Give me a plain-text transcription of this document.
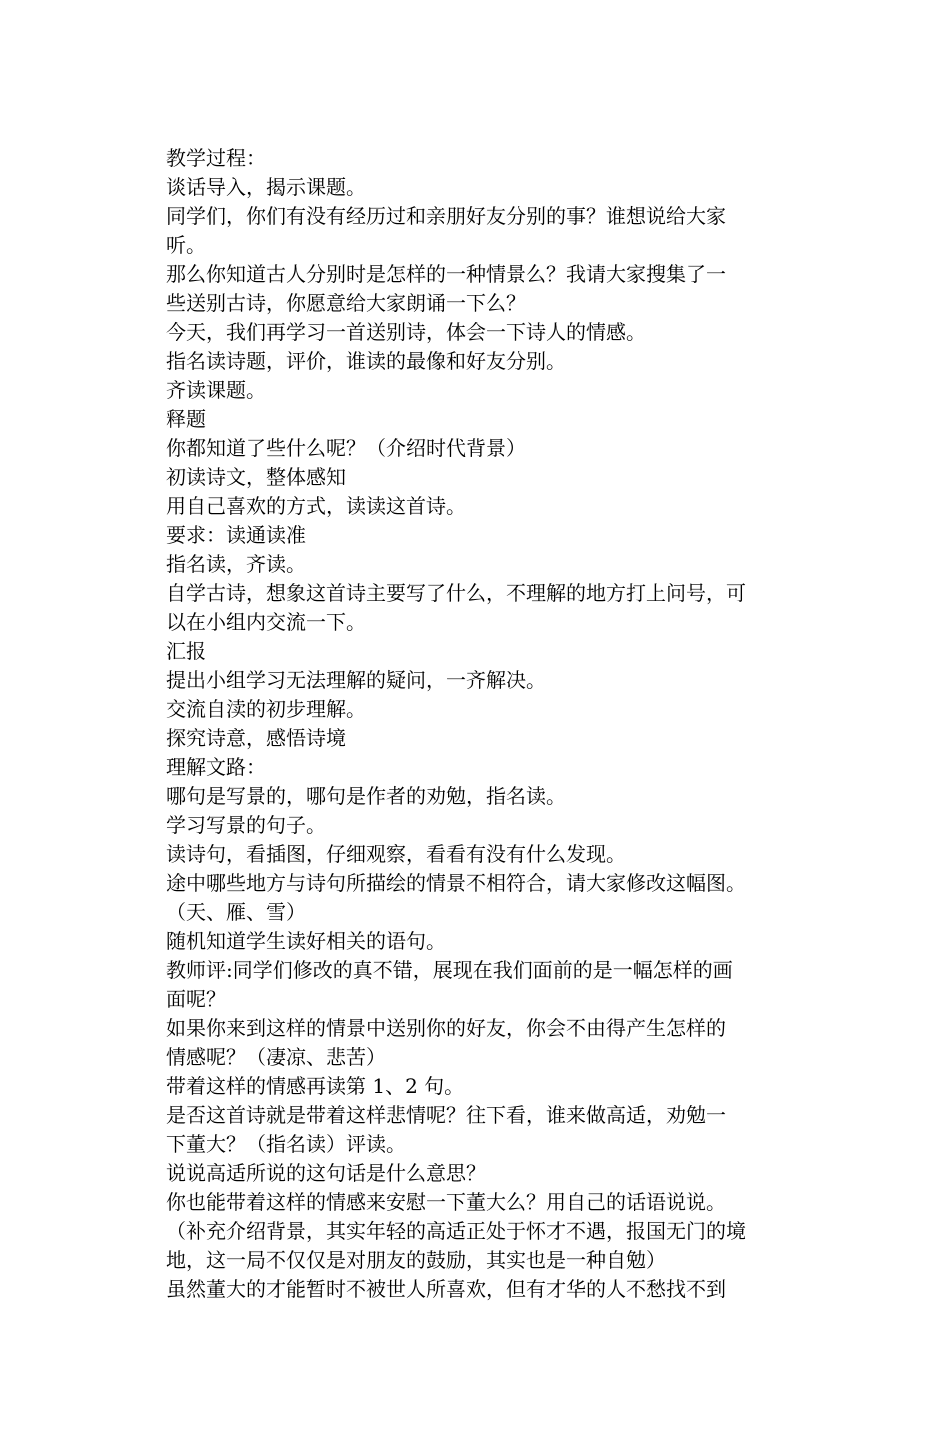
教学过程：
谈话导入，揭示课题。
同学们，你们有没有经历过和亲朋好友分别的事？谁想说给大家
听。
那么你知道古人分别时是怎样的一种情景么？我请大家搜集了一
些送别古诗，你愿意给大家朗诵一下么？
今天，我们再学习一首送别诗，体会一下诗人的情感。
指名读诗题，评价，谁读的最像和好友分别。
齐读课题。
释题
你都知道了些什么呢？（介绍时代背景）
初读诗文，整体感知
用自己喜欢的方式，读读这首诗。
要求：读通读准
指名读，齐读。
自学古诗，想象这首诗主要写了什么，不理解的地方打上问号，可
以在小组内交流一下。
汇报
提出小组学习无法理解的疑问，一齐解决。
交流自渎的初步理解。
探究诗意，感悟诗境
理解文路：
哪句是写景的，哪句是作者的劝勉，指名读。
学习写景的句子。
读诗句，看插图，仔细观察，看看有没有什么发现。
途中哪些地方与诗句所描绘的情景不相符合，请大家修改这幅图。
（天、雁、雪）
随机知道学生读好相关的语句。
教师评:同学们修改的真不错，展现在我们面前的是一幅怎样的画
面呢？
如果你来到这样的情景中送别你的好友，你会不由得产生怎样的
情感呢？（凄凉、悲苦）
带着这样的情感再读第 1、2 句。
是否这首诗就是带着这样悲情呢？往下看，谁来做高适，劝勉一
下董大？（指名读）评读。
说说高适所说的这句话是什么意思？
你也能带着这样的情感来安慰一下董大么？用自己的话语说说。
（补充介绍背景，其实年轻的高适正处于怀才不遇，报国无门的境
地，这一局不仅仅是对朋友的鼓励，其实也是一种自勉）
虽然董大的才能暂时不被世人所喜欢，但有才华的人不愁找不到
